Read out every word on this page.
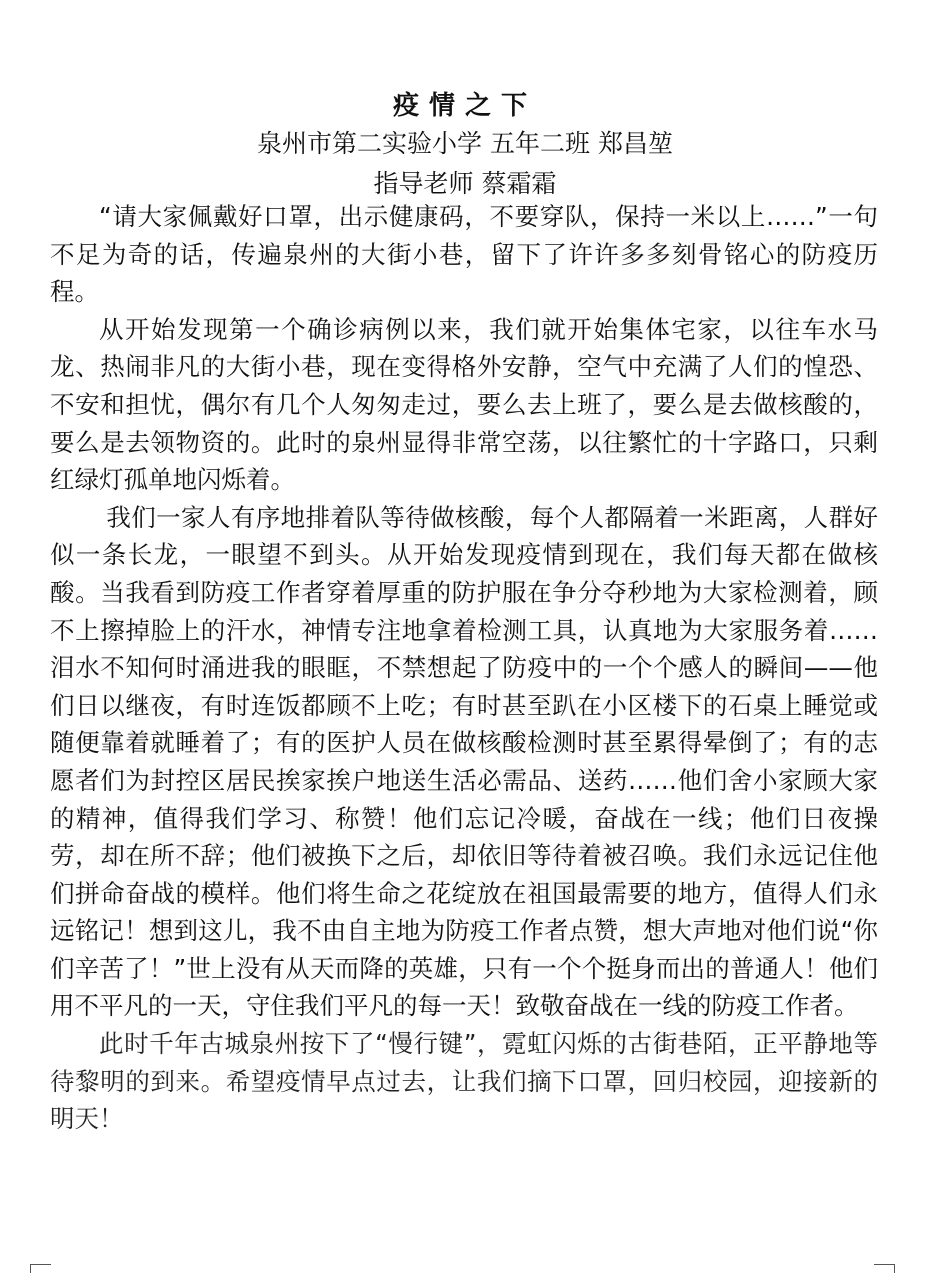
疫情之下
泉州市第二实验小学 五年二班 郑昌堃
指导老师 蔡霜霜

“请大家佩戴好口罩，出示健康码，不要穿队，保持一米以上……”一句不足为奇的话，传遍泉州的大街小巷，留下了许许多多刻骨铭心的防疫历程。

从开始发现第一个确诊病例以来，我们就开始集体宅家，以往车水马龙、热闹非凡的大街小巷，现在变得格外安静，空气中充满了人们的惶恐、不安和担忧，偶尔有几个人匆匆走过，要么去上班了，要么是去做核酸的，要么是去领物资的。此时的泉州显得非常空荡，以往繁忙的十字路口，只剩红绿灯孤单地闪烁着。

我们一家人有序地排着队等待做核酸，每个人都隔着一米距离，人群好似一条长龙，一眼望不到头。从开始发现疫情到现在，我们每天都在做核酸。当我看到防疫工作者穿着厚重的防护服在争分夺秒地为大家检测着，顾不上擦掉脸上的汗水，神情专注地拿着检测工具，认真地为大家服务着……泪水不知何时涌进我的眼眶，不禁想起了防疫中的一个个感人的瞬间——他们日以继夜，有时连饭都顾不上吃；有时甚至趴在小区楼下的石桌上睡觉或随便靠着就睡着了；有的医护人员在做核酸检测时甚至累得晕倒了；有的志愿者们为封控区居民挨家挨户地送生活必需品、送药……他们舍小家顾大家的精神，值得我们学习、称赞！他们忘记冷暖，奋战在一线；他们日夜操劳，却在所不辞；他们被换下之后，却依旧等待着被召唤。我们永远记住他们拼命奋战的模样。他们将生命之花绽放在祖国最需要的地方，值得人们永远铭记！想到这儿，我不由自主地为防疫工作者点赞，想大声地对他们说“你们辛苦了！”世上没有从天而降的英雄，只有一个个挺身而出的普通人！他们用不平凡的一天，守住我们平凡的每一天！致敬奋战在一线的防疫工作者。

此时千年古城泉州按下了“慢行键”，霓虹闪烁的古街巷陌，正平静地等待黎明的到来。希望疫情早点过去，让我们摘下口罩，回归校园，迎接新的明天！
